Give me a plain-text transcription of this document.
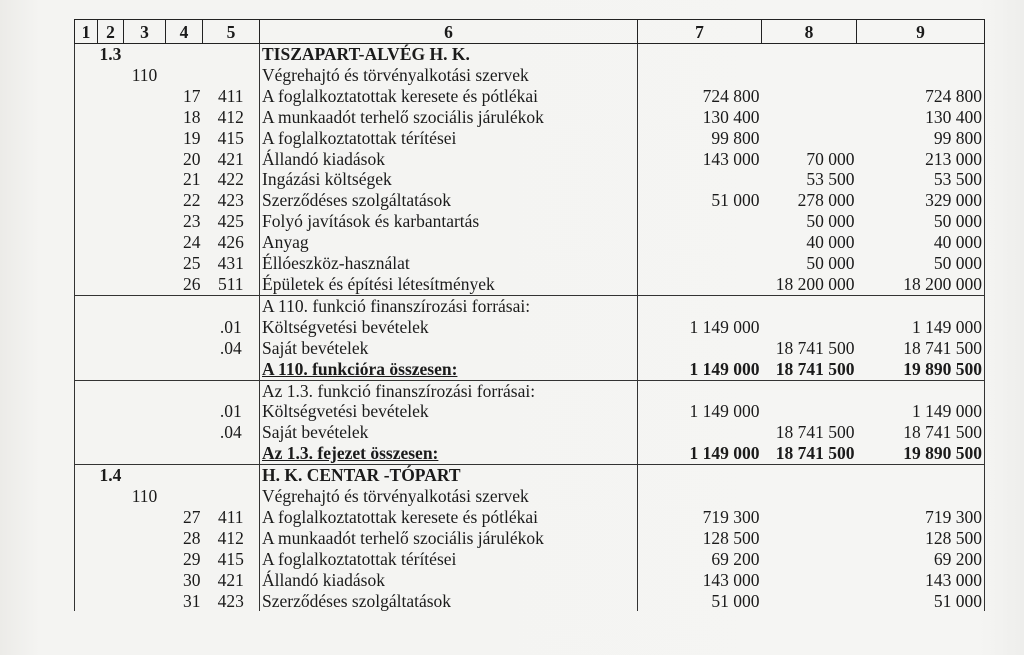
1	2	3	4	5	6	7	8	9
	1.3				TISZAPART-ALVÉG H. K.			
		110			Végrehajtó és törvényalkotási szervek			
			17	411	A foglalkoztatottak keresete és pótlékai	724 800		724 800
			18	412	A munkaadót terhelő szociális járulékok	130 400		130 400
			19	415	A foglalkoztatottak térítései	99 800		99 800
			20	421	Állandó kiadások	143 000	70 000	213 000
			21	422	Ingázási költségek		53 500	53 500
			22	423	Szerződéses szolgáltatások	51 000	278 000	329 000
			23	425	Folyó javítások és karbantartás		50 000	50 000
			24	426	Anyag		40 000	40 000
			25	431	Éllóeszköz-használat		50 000	50 000
			26	511	Épületek és építési létesítmények		18 200 000	18 200 000
					A 110. funkció finanszírozási forrásai:			
				.01	Költségvetési bevételek	1 149 000		1 149 000
				.04	Saját bevételek		18 741 500	18 741 500
					A 110. funkcióra összesen:	1 149 000	18 741 500	19 890 500
					Az 1.3. funkció finanszírozási forrásai:			
				.01	Költségvetési bevételek	1 149 000		1 149 000
				.04	Saját bevételek		18 741 500	18 741 500
					Az 1.3. fejezet összesen:	1 149 000	18 741 500	19 890 500
	1.4				H. K. CENTAR -TÓPART			
		110			Végrehajtó és törvényalkotási szervek			
			27	411	A foglalkoztatottak keresete és pótlékai	719 300		719 300
			28	412	A munkaadót terhelő szociális járulékok	128 500		128 500
			29	415	A foglalkoztatottak térítései	69 200		69 200
			30	421	Állandó kiadások	143 000		143 000
			31	423	Szerződéses szolgáltatások	51 000		51 000
